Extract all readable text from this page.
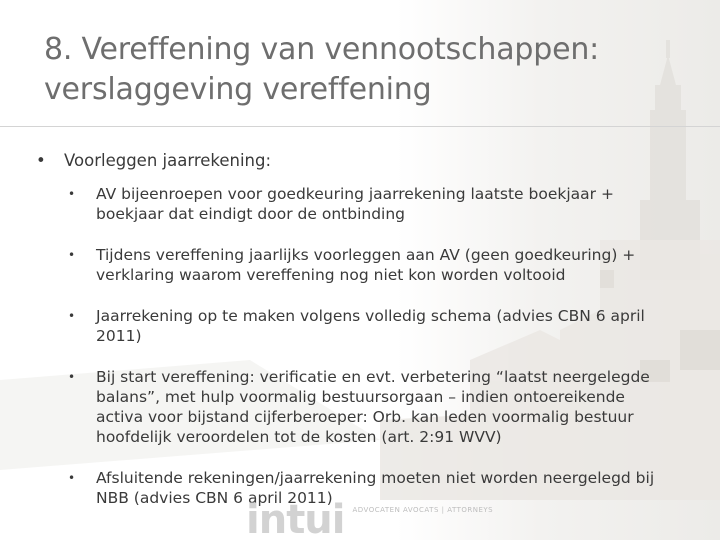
8. Vereffening van vennootschappen: verslaggeving vereffening
•	Voorleggen jaarrekening:
•	AV bijeenroepen voor goedkeuring jaarrekening laatste boekjaar + boekjaar dat eindigt door de ontbinding
•	Tijdens vereffening jaarlijks voorleggen aan AV (geen goedkeuring) + verklaring waarom vereffening nog niet kon worden voltooid
•	Jaarrekening op te maken volgens volledig schema (advies CBN 6 april 2011)
•	Bij start vereffening: verificatie en evt. verbetering “laatst neergelegde balans”, met hulp voormalig bestuursorgaan – indien ontoereikende activa voor bijstand cijferberoeper: Orb. kan leden voormalig bestuur hoofdelijk veroordelen tot de kosten (art. 2:91 WVV)
•	Afsluitende rekeningen/jaarrekening moeten niet worden neergelegd bij NBB (advies CBN 6 april 2011)
intui ADVOCATEN AVOCATS | ATTORNEYS
